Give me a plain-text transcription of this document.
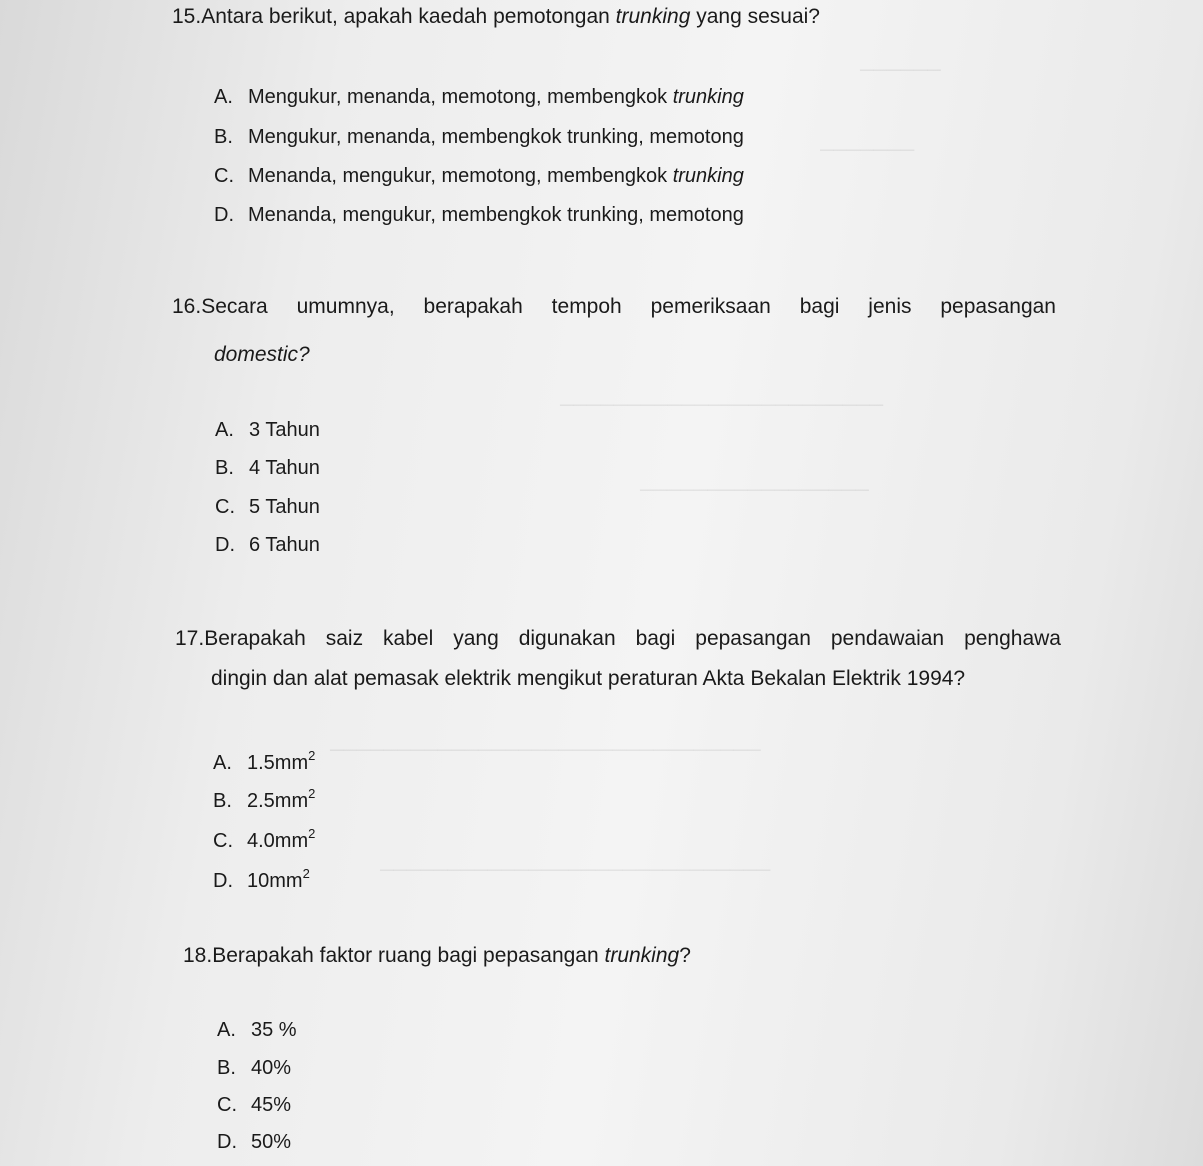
──────
───────
────────────────────────
─────────────────
────────────────────────────────
─────────────────────────────
15.Antara berikut, apakah kaedah pemotongan trunking yang sesuai?
A. Mengukur, menanda, memotong, membengkok trunking
B. Mengukur, menanda, membengkok trunking, memotong
C. Menanda, mengukur, memotong, membengkok trunking
D. Menanda, mengukur, membengkok trunking, memotong
16. Secara umumnya, berapakah tempoh pemeriksaan bagi jenis pepasangan
domestic?
A. 3 Tahun
B. 4 Tahun
C. 5 Tahun
D. 6 Tahun
17. Berapakah saiz kabel yang digunakan bagi pepasangan pendawaian penghawa
dingin dan alat pemasak elektrik mengikut peraturan Akta Bekalan Elektrik 1994?
A. $1.5mm^2$
B. $2.5mm^2$
C. $4.0mm^2$
D. $10mm^2$
18.Berapakah faktor ruang bagi pepasangan trunking?
A. 35 %
B. 40%
C. 45%
D. 50%
